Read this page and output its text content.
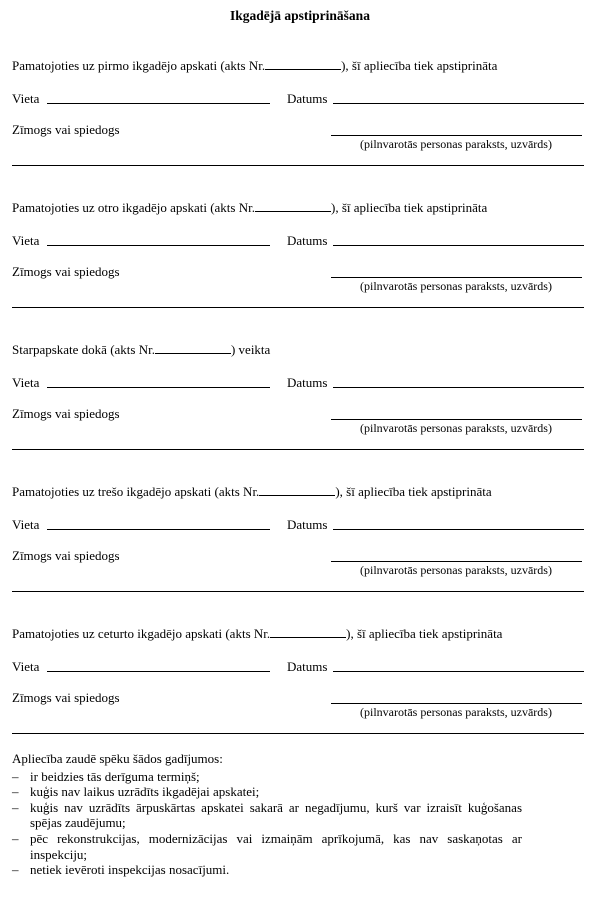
Ikgadējā apstiprināšana
Pamatojoties uz pirmo ikgadējo apskati (akts Nr.	), šī apliecība tiek apstiprināta
Vieta	Datums
Zīmogs vai spiedogs
(pilnvarotās personas paraksts, uzvārds)
Pamatojoties uz otro ikgadējo apskati (akts Nr.	), šī apliecība tiek apstiprināta
Vieta	Datums
Zīmogs vai spiedogs
(pilnvarotās personas paraksts, uzvārds)
Starpapskate dokā (akts Nr.	) veikta
Vieta	Datums
Zīmogs vai spiedogs
(pilnvarotās personas paraksts, uzvārds)
Pamatojoties uz trešo ikgadējo apskati (akts Nr.	), šī apliecība tiek apstiprināta
Vieta	Datums
Zīmogs vai spiedogs
(pilnvarotās personas paraksts, uzvārds)
Pamatojoties uz ceturto ikgadējo apskati (akts Nr.	), šī apliecība tiek apstiprināta
Vieta	Datums
Zīmogs vai spiedogs
(pilnvarotās personas paraksts, uzvārds)

Apliecība zaudē spēku šādos gadījumos:

– ir beidzies tās derīguma termiņš;
– kuģis nav laikus uzrādīts ikgadējai apskatei;
– kuģis nav uzrādīts ārpuskārtas apskatei sakarā ar negadījumu, kurš var izraisīt kuģošanas spējas zaudējumu;
– pēc rekonstrukcijas, modernizācijas vai izmaiņām aprīkojumā, kas nav saskaņotas ar inspekciju;
– netiek ievēroti inspekcijas nosacījumi.
